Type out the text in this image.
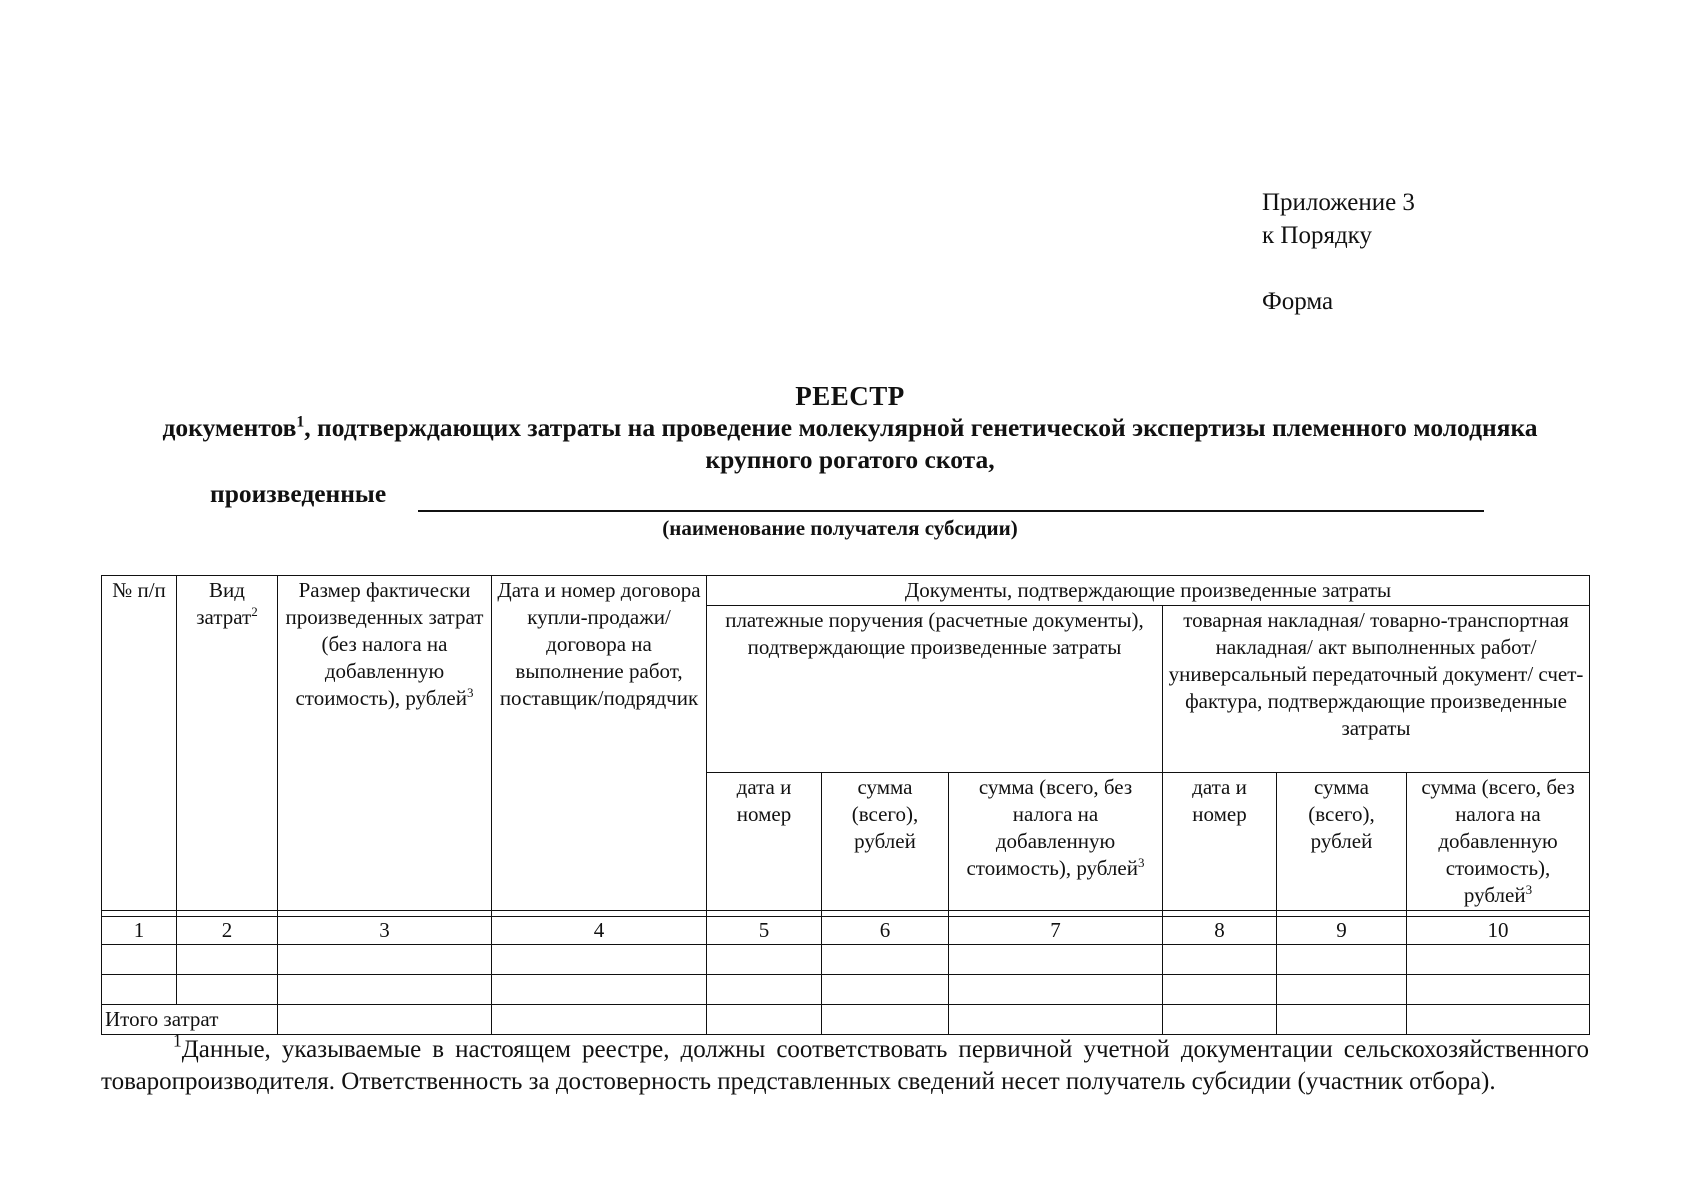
Приложение 3
к Порядку
Форма
РЕЕСТР
документов$^1$, подтверждающих затраты на проведение молекулярной генетической экспертизы племенного молодняка крупного рогатого скота,
произведенные
(наименование получателя субсидии)
№ п/п	Вид затрат$^2$	Размер фактически произведенных затрат (без налога на добавленную стоимость), рублей$^3$	Дата и номер договора купли-продажи/ договора на выполнение работ, поставщик/подрядчик	Документы, подтверждающие произведенные затраты					
				платежные поручения (расчетные документы), подтверждающие произведенные затраты			товарная накладная/ товарно-транспортная накладная/ акт выполненных работ/ универсальный передаточный документ/ счет-фактура, подтверждающие произведенные затраты		
				дата и номер	сумма (всего), рублей	сумма (всего, без налога на добавленную стоимость), рублей$^3$	дата и номер	сумма (всего), рублей	сумма (всего, без налога на добавленную стоимость), рублей$^3$

1	2	3	4	5	6	7	8	9	10

Итого затрат									
$^1$Данные, указываемые в настоящем реестре, должны соответствовать первичной учетной документации сельскохозяйственного товаропроизводителя. Ответственность за достоверность представленных сведений несет получатель субсидии (участник отбора).
